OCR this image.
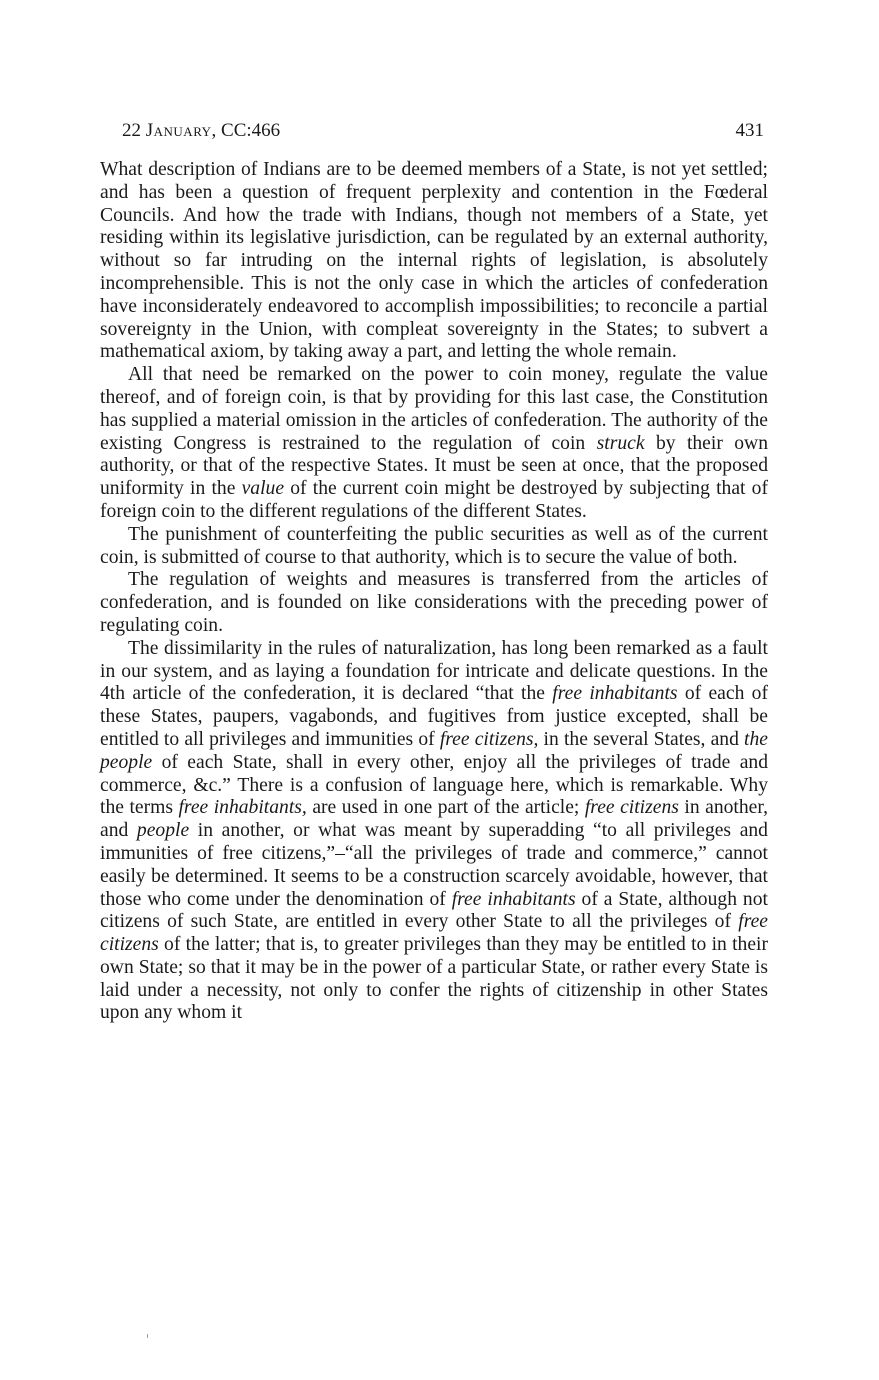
22 January, CC:466	431

What description of Indians are to be deemed members of a State, is not yet settled; and has been a question of frequent perplexity and contention in the Fœderal Councils. And how the trade with Indians, though not members of a State, yet residing within its legislative jurisdiction, can be regulated by an external authority, without so far intruding on the internal rights of legislation, is absolutely incomprehensible. This is not the only case in which the articles of confederation have inconsiderately endeavored to accomplish impossibilities; to reconcile a partial sovereignty in the Union, with compleat sovereignty in the States; to subvert a mathematical axiom, by taking away a part, and letting the whole remain.

All that need be remarked on the power to coin money, regulate the value thereof, and of foreign coin, is that by providing for this last case, the Constitution has supplied a material omission in the articles of confederation. The authority of the existing Congress is restrained to the regulation of coin struck by their own authority, or that of the respective States. It must be seen at once, that the proposed uniformity in the value of the current coin might be destroyed by subjecting that of foreign coin to the different regulations of the different States.

The punishment of counterfeiting the public securities as well as of the current coin, is submitted of course to that authority, which is to secure the value of both.

The regulation of weights and measures is transferred from the articles of confederation, and is founded on like considerations with the preceding power of regulating coin.

The dissimilarity in the rules of naturalization, has long been remarked as a fault in our system, and as laying a foundation for intricate and delicate questions. In the 4th article of the confederation, it is declared “that the free inhabitants of each of these States, paupers, vagabonds, and fugitives from justice excepted, shall be entitled to all privileges and immunities of free citizens, in the several States, and the people of each State, shall in every other, enjoy all the privileges of trade and commerce, &c.” There is a confusion of language here, which is remarkable. Why the terms free inhabitants, are used in one part of the article; free citizens in another, and people in another, or what was meant by superadding “to all privileges and immunities of free citizens,”–“all the privileges of trade and commerce,” cannot easily be determined. It seems to be a construction scarcely avoidable, however, that those who come under the denomination of free inhabitants of a State, although not citizens of such State, are entitled in every other State to all the privileges of free citizens of the latter; that is, to greater privileges than they may be entitled to in their own State; so that it may be in the power of a particular State, or rather every State is laid under a necessity, not only to confer the rights of citizenship in other States upon any whom it
